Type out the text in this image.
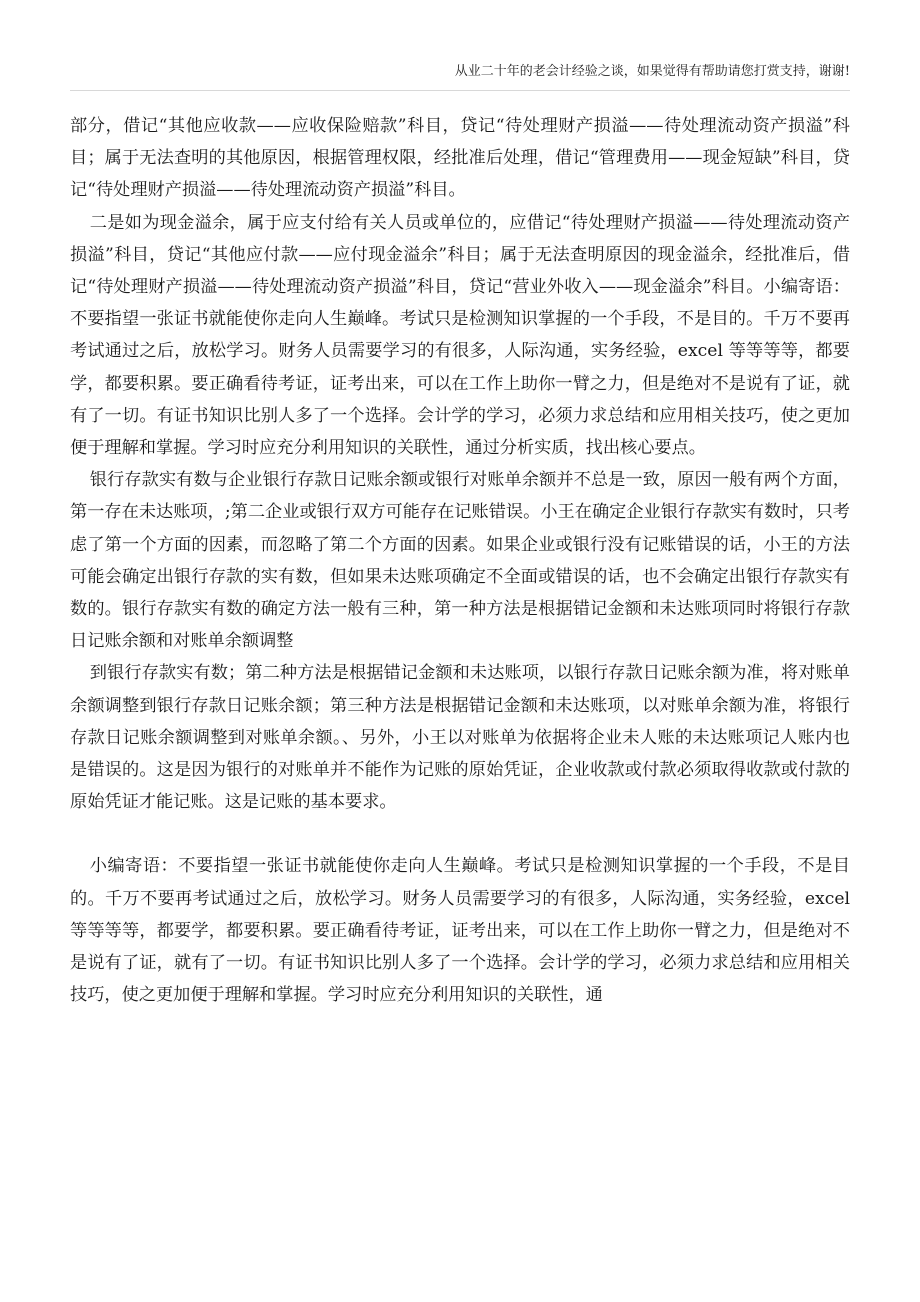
从业二十年的老会计经验之谈，如果觉得有帮助请您打赏支持，谢谢!

部分，借记“其他应收款——应收保险赔款”科目，贷记“待处理财产损溢——待处理流动资产损溢”科目；属于无法查明的其他原因，根据管理权限，经批准后处理，借记“管理费用——现金短缺”科目，贷记“待处理财产损溢——待处理流动资产损溢”科目。

二是如为现金溢余，属于应支付给有关人员或单位的，应借记“待处理财产损溢——待处理流动资产损溢”科目，贷记“其他应付款——应付现金溢余”科目；属于无法查明原因的现金溢余，经批准后，借记“待处理财产损溢——待处理流动资产损溢”科目，贷记“营业外收入——现金溢余”科目。小编寄语：不要指望一张证书就能使你走向人生巅峰。考试只是检测知识掌握的一个手段，不是目的。千万不要再考试通过之后，放松学习。财务人员需要学习的有很多，人际沟通，实务经验，excel 等等等等，都要学，都要积累。要正确看待考证，证考出来，可以在工作上助你一臂之力，但是绝对不是说有了证，就有了一切。有证书知识比别人多了一个选择。会计学的学习，必须力求总结和应用相关技巧，使之更加便于理解和掌握。学习时应充分利用知识的关联性，通过分析实质，找出核心要点。

银行存款实有数与企业银行存款日记账余额或银行对账单余额并不总是一致，原因一般有两个方面，第一存在未达账项，;第二企业或银行双方可能存在记账错误。小王在确定企业银行存款实有数时，只考虑了第一个方面的因素，而忽略了第二个方面的因素。如果企业或银行没有记账错误的话，小王的方法可能会确定出银行存款的实有数，但如果未达账项确定不全面或错误的话，也不会确定出银行存款实有数的。银行存款实有数的确定方法一般有三种，第一种方法是根据错记金额和未达账项同时将银行存款日记账余额和对账单余额调整

到银行存款实有数；第二种方法是根据错记金额和未达账项，以银行存款日记账余额为准，将对账单余额调整到银行存款日记账余额；第三种方法是根据错记金额和未达账项，以对账单余额为准，将银行存款日记账余额调整到对账单余额。、另外，小王以对账单为依据将企业未人账的未达账项记人账内也是错误的。这是因为银行的对账单并不能作为记账的原始凭证，企业收款或付款必须取得收款或付款的原始凭证才能记账。这是记账的基本要求。

小编寄语：不要指望一张证书就能使你走向人生巅峰。考试只是检测知识掌握的一个手段，不是目的。千万不要再考试通过之后，放松学习。财务人员需要学习的有很多，人际沟通，实务经验，excel 等等等等，都要学，都要积累。要正确看待考证，证考出来，可以在工作上助你一臂之力，但是绝对不是说有了证，就有了一切。有证书知识比别人多了一个选择。会计学的学习，必须力求总结和应用相关技巧，使之更加便于理解和掌握。学习时应充分利用知识的关联性，通
